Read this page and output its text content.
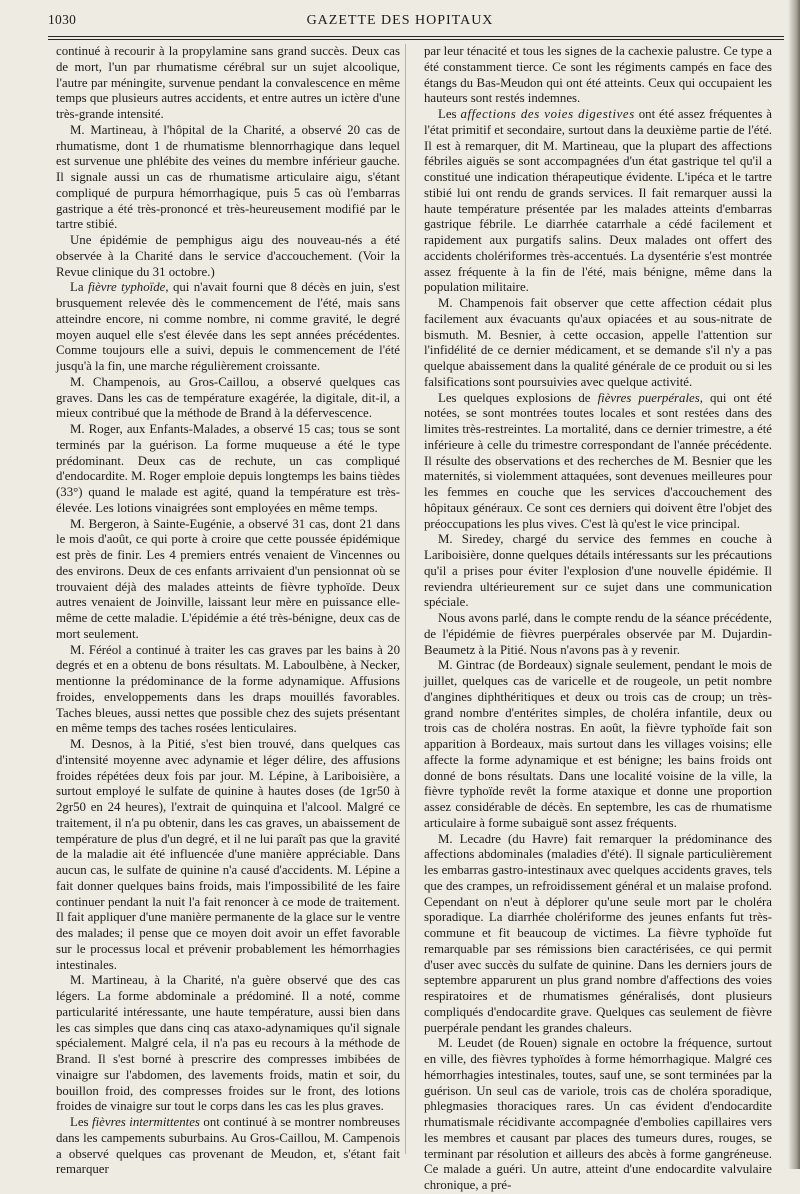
1030	GAZETTE DES HOPITAUX

continué à recourir à la propylamine sans grand succès. Deux cas de mort, l'un par rhumatisme cérébral sur un sujet alcoolique, l'autre par méningite, survenue pendant la convalescence en même temps que plusieurs autres accidents, et entre autres un ictère d'une très-grande intensité.

M. Martineau, à l'hôpital de la Charité, a observé 20 cas de rhumatisme, dont 1 de rhumatisme blennorrhagique dans lequel est survenue une phlébite des veines du membre inférieur gauche. Il signale aussi un cas de rhumatisme articulaire aigu, s'étant compliqué de purpura hémorrhagique, puis 5 cas où l'embarras gastrique a été très-prononcé et très-heureusement modifié par le tartre stibié.

Une épidémie de pemphigus aigu des nouveau-nés a été observée à la Charité dans le service d'accouchement. (Voir la Revue clinique du 31 octobre.)

La fièvre typhoïde, qui n'avait fourni que 8 décès en juin, s'est brusquement relevée dès le commencement de l'été, mais sans atteindre encore, ni comme nombre, ni comme gravité, le degré moyen auquel elle s'est élevée dans les sept années précédentes. Comme toujours elle a suivi, depuis le commencement de l'été jusqu'à la fin, une marche régulièrement croissante.

M. Champenois, au Gros-Caillou, a observé quelques cas graves. Dans les cas de température exagérée, la digitale, dit-il, a mieux contribué que la méthode de Brand à la défervescence.

M. Roger, aux Enfants-Malades, a observé 15 cas; tous se sont terminés par la guérison. La forme muqueuse a été le type prédominant. Deux cas de rechute, un cas compliqué d'endocardite. M. Roger emploie depuis longtemps les bains tièdes (33°) quand le malade est agité, quand la température est très-élevée. Les lotions vinaigrées sont employées en même temps.

M. Bergeron, à Sainte-Eugénie, a observé 31 cas, dont 21 dans le mois d'août, ce qui porte à croire que cette poussée épidémique est près de finir. Les 4 premiers entrés venaient de Vincennes ou des environs. Deux de ces enfants arrivaient d'un pensionnat où se trouvaient déjà des malades atteints de fièvre typhoïde. Deux autres venaient de Joinville, laissant leur mère en puissance elle-même de cette maladie. L'épidémie a été très-bénigne, deux cas de mort seulement.

M. Féréol a continué à traiter les cas graves par les bains à 20 degrés et en a obtenu de bons résultats. M. Laboulbène, à Necker, mentionne la prédominance de la forme adynamique. Affusions froides, enveloppements dans les draps mouillés favorables. Taches bleues, aussi nettes que possible chez des sujets présentant en même temps des taches rosées lenticulaires.

M. Desnos, à la Pitié, s'est bien trouvé, dans quelques cas d'intensité moyenne avec adynamie et léger délire, des affusions froides répétées deux fois par jour. M. Lépine, à Lariboisière, a surtout employé le sulfate de quinine à hautes doses (de 1gr50 à 2gr50 en 24 heures), l'extrait de quinquina et l'alcool. Malgré ce traitement, il n'a pu obtenir, dans les cas graves, un abaissement de température de plus d'un degré, et il ne lui paraît pas que la gravité de la maladie ait été influencée d'une manière appréciable. Dans aucun cas, le sulfate de quinine n'a causé d'accidents. M. Lépine a fait donner quelques bains froids, mais l'impossibilité de les faire continuer pendant la nuit l'a fait renoncer à ce mode de traitement. Il fait appliquer d'une manière permanente de la glace sur le ventre des malades; il pense que ce moyen doit avoir un effet favorable sur le processus local et prévenir probablement les hémorrhagies intestinales.

M. Martineau, à la Charité, n'a guère observé que des cas légers. La forme abdominale a prédominé. Il a noté, comme particularité intéressante, une haute température, aussi bien dans les cas simples que dans cinq cas ataxo-adynamiques qu'il signale spécialement. Malgré cela, il n'a pas eu recours à la méthode de Brand. Il s'est borné à prescrire des compresses imbibées de vinaigre sur l'abdomen, des lavements froids, matin et soir, du bouillon froid, des compresses froides sur le front, des lotions froides de vinaigre sur tout le corps dans les cas les plus graves.

Les fièvres intermittentes ont continué à se montrer nombreuses dans les campements suburbains. Au Gros-Caillou, M. Campenois a observé quelques cas provenant de Meudon, et, s'étant fait remarquer

par leur ténacité et tous les signes de la cachexie palustre. Ce type a été constamment tierce. Ce sont les régiments campés en face des étangs du Bas-Meudon qui ont été atteints. Ceux qui occupaient les hauteurs sont restés indemnes.

Les affections des voies digestives ont été assez fréquentes à l'état primitif et secondaire, surtout dans la deuxième partie de l'été. Il est à remarquer, dit M. Martineau, que la plupart des affections fébriles aiguës se sont accompagnées d'un état gastrique tel qu'il a constitué une indication thérapeutique évidente. L'ipéca et le tartre stibié lui ont rendu de grands services. Il fait remarquer aussi la haute température présentée par les malades atteints d'embarras gastrique fébrile. Le diarrhée catarrhale a cédé facilement et rapidement aux purgatifs salins. Deux malades ont offert des accidents cholériformes très-accentués. La dysentérie s'est montrée assez fréquente à la fin de l'été, mais bénigne, même dans la population militaire.

M. Champenois fait observer que cette affection cédait plus facilement aux évacuants qu'aux opiacées et au sous-nitrate de bismuth. M. Besnier, à cette occasion, appelle l'attention sur l'infidélité de ce dernier médicament, et se demande s'il n'y a pas quelque abaissement dans la qualité générale de ce produit ou si les falsifications sont poursuivies avec quelque activité.

Les quelques explosions de fièvres puerpérales, qui ont été notées, se sont montrées toutes locales et sont restées dans des limites très-restreintes. La mortalité, dans ce dernier trimestre, a été inférieure à celle du trimestre correspondant de l'année précédente. Il résulte des observations et des recherches de M. Besnier que les maternités, si violemment attaquées, sont devenues meilleures pour les femmes en couche que les services d'accouchement des hôpitaux généraux. Ce sont ces derniers qui doivent être l'objet des préoccupations les plus vives. C'est là qu'est le vice principal.

M. Siredey, chargé du service des femmes en couche à Lariboisière, donne quelques détails intéressants sur les précautions qu'il a prises pour éviter l'explosion d'une nouvelle épidémie. Il reviendra ultérieurement sur ce sujet dans une communication spéciale.

Nous avons parlé, dans le compte rendu de la séance précédente, de l'épidémie de fièvres puerpérales observée par M. Dujardin-Beaumetz à la Pitié. Nous n'avons pas à y revenir.

M. Gintrac (de Bordeaux) signale seulement, pendant le mois de juillet, quelques cas de varicelle et de rougeole, un petit nombre d'angines diphthéritiques et deux ou trois cas de croup; un très-grand nombre d'entérites simples, de choléra infantile, deux ou trois cas de choléra nostras. En août, la fièvre typhoïde fait son apparition à Bordeaux, mais surtout dans les villages voisins; elle affecte la forme adynamique et est bénigne; les bains froids ont donné de bons résultats. Dans une localité voisine de la ville, la fièvre typhoïde revêt la forme ataxique et donne une proportion assez considérable de décès. En septembre, les cas de rhumatisme articulaire à forme subaiguë sont assez fréquents.

M. Lecadre (du Havre) fait remarquer la prédominance des affections abdominales (maladies d'été). Il signale particulièrement les embarras gastro-intestinaux avec quelques accidents graves, tels que des crampes, un refroidissement général et un malaise profond. Cependant on n'eut à déplorer qu'une seule mort par le choléra sporadique. La diarrhée cholériforme des jeunes enfants fut très-commune et fit beaucoup de victimes. La fièvre typhoïde fut remarquable par ses rémissions bien caractérisées, ce qui permit d'user avec succès du sulfate de quinine. Dans les derniers jours de septembre apparurent un plus grand nombre d'affections des voies respiratoires et de rhumatismes généralisés, dont plusieurs compliqués d'endocardite grave. Quelques cas seulement de fièvre puerpérale pendant les grandes chaleurs.

M. Leudet (de Rouen) signale en octobre la fréquence, surtout en ville, des fièvres typhoïdes à forme hémorrhagique. Malgré ces hémorrhagies intestinales, toutes, sauf une, se sont terminées par la guérison. Un seul cas de variole, trois cas de choléra sporadique, phlegmasies thoraciques rares. Un cas évident d'endocardite rhumatismale récidivante accompagnée d'embolies capillaires vers les membres et causant par places des tumeurs dures, rouges, se terminant par résolution et ailleurs des abcès à forme gangréneuse. Ce malade a guéri. Un autre, atteint d'une endocardite valvulaire chronique, a pré-
